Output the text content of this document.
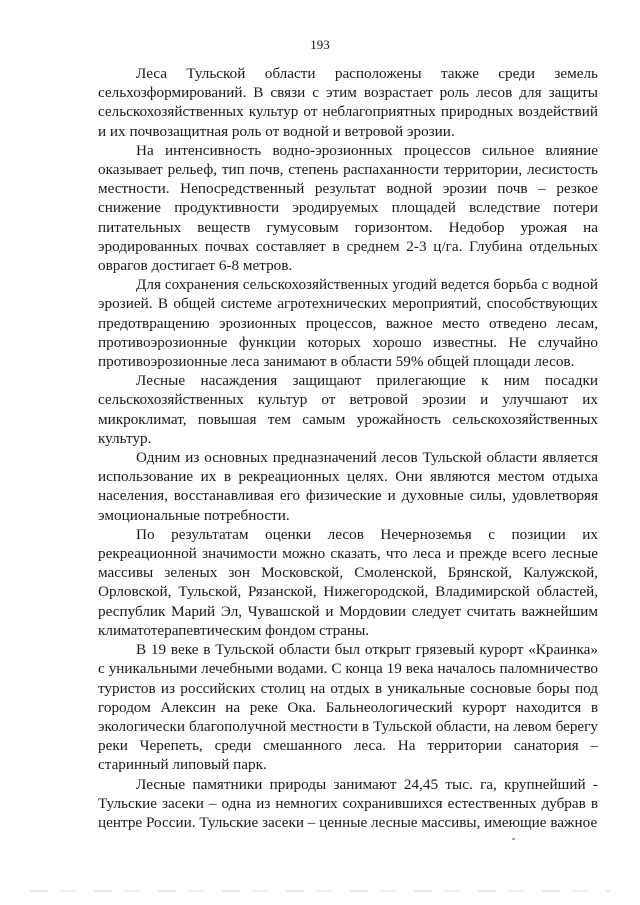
193

Леса Тульской области расположены также среди земель сельхозформирований. В связи с этим возрастает роль лесов для защиты сельскохозяйственных культур от неблагоприятных природных воздействий и их почвозащитная роль от водной и ветровой эрозии.

На интенсивность водно-эрозионных процессов сильное влияние оказывает рельеф, тип почв, степень распаханности территории, лесистость местности. Непосредственный результат водной эрозии почв – резкое снижение продуктивности эродируемых площадей вследствие потери питательных веществ гумусовым горизонтом. Недобор урожая на эродированных почвах составляет в среднем 2-3 ц/га. Глубина отдельных оврагов достигает 6-8 метров.

Для сохранения сельскохозяйственных угодий ведется борьба с водной эрозией. В общей системе агротехнических мероприятий, способствующих предотвращению эрозионных процессов, важное место отведено лесам, противоэрозионные функции которых хорошо известны. Не случайно противоэрозионные леса занимают в области 59% общей площади лесов.

Лесные насаждения защищают прилегающие к ним посадки сельскохозяйственных культур от ветровой эрозии и улучшают их микроклимат, повышая тем самым урожайность сельскохозяйственных культур.

Одним из основных предназначений лесов Тульской области является использование их в рекреационных целях. Они являются местом отдыха населения, восстанавливая его физические и духовные силы, удовлетворяя эмоциональные потребности.

По результатам оценки лесов Нечерноземья с позиции их рекреационной значимости можно сказать, что леса и прежде всего лесные массивы зеленых зон Московской, Смоленской, Брянской, Калужской, Орловской, Тульской, Рязанской, Нижегородской, Владимирской областей, республик Марий Эл, Чувашской и Мордовии следует считать важнейшим климатотерапевтическим фондом страны.

В 19 веке в Тульской области был открыт грязевый курорт «Краинка» с уникальными лечебными водами. С конца 19 века началось паломничество туристов из российских столиц на отдых в уникальные сосновые боры под городом Алексин на реке Ока. Бальнеологический курорт находится в экологически благополучной местности в Тульской области, на левом берегу реки Черепеть, среди смешанного леса. На территории санатория – старинный липовый парк.

Лесные памятники природы занимают 24,45 тыс. га, крупнейший - Тульские засеки – одна из немногих сохранившихся естественных дубрав в центре России. Тульские засеки – ценные лесные массивы, имеющие важное
